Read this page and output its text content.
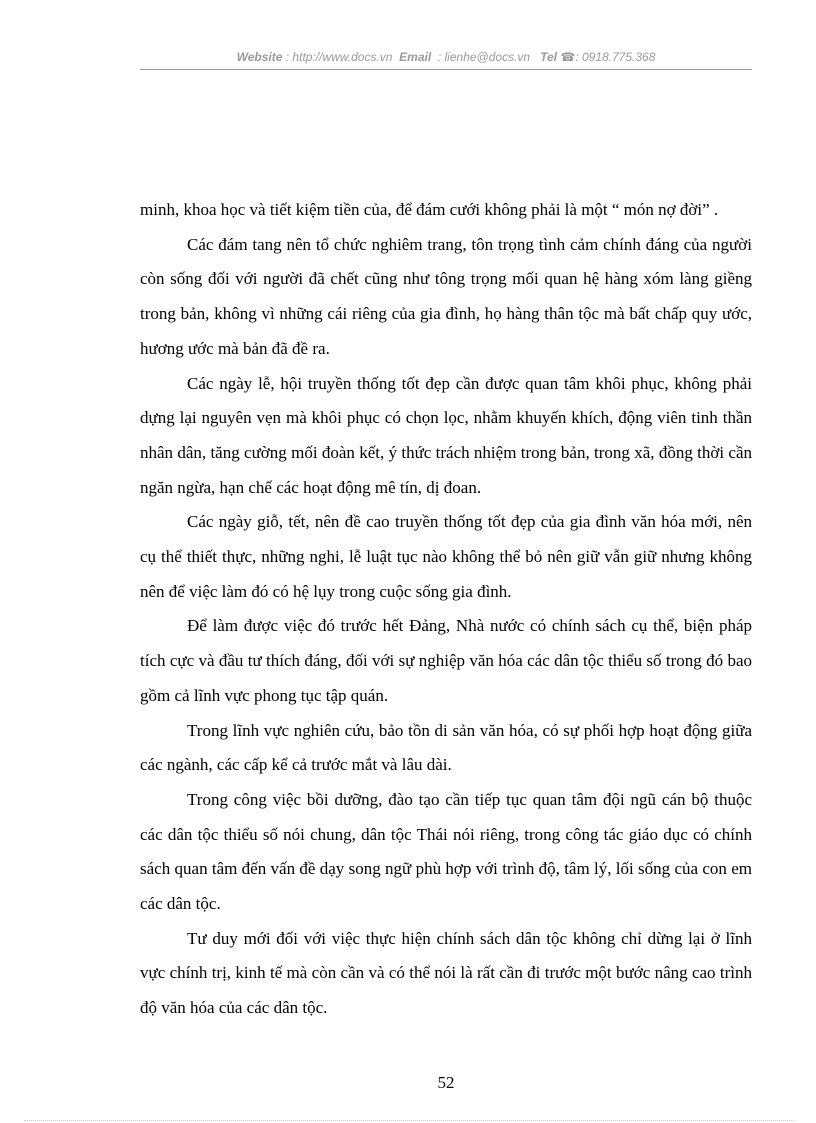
Website : http://www.docs.vn Email : lienhe@docs.vn Tel ☎: 0918.775.368

minh, khoa học và tiết kiệm tiền của, để đám cưới không phải là một “ món nợ đời” .

Các đám tang nên tổ chức nghiêm trang, tôn trọng tình cảm chính đáng của người còn sống đối với người đã chết cũng như tông trọng mối quan hệ hàng xóm làng giềng trong bản, không vì những cái riêng của gia đình, họ hàng thân tộc mà bất chấp quy ước, hương ước mà bản đã đề ra.

Các ngày lễ, hội truyền thống tốt đẹp cần được quan tâm khôi phục, không phải dựng lại nguyên vẹn mà khôi phục có chọn lọc, nhằm khuyến khích, động viên tinh thần nhân dân, tăng cường mối đoàn kết, ý thức trách nhiệm trong bản, trong xã, đồng thời cần ngăn ngừa, hạn chế các hoạt động mê tín, dị đoan.

Các ngày giỗ, tết, nên đề cao truyền thống tốt đẹp của gia đình văn hóa mới, nên cụ thể thiết thực, những nghi, lễ luật tục nào không thể bỏ nên giữ vẫn giữ nhưng không nên để việc làm đó có hệ lụy trong cuộc sống gia đình.

Để làm được việc đó trước hết Đảng, Nhà nước có chính sách cụ thể, biện pháp tích cực và đầu tư thích đáng, đối với sự nghiệp văn hóa các dân tộc thiểu số trong đó bao gồm cả lĩnh vực phong tục tập quán.

Trong lĩnh vực nghiên cứu, bảo tồn di sản văn hóa, có sự phối hợp hoạt động giữa các ngành, các cấp kể cả trước mắt và lâu dài.

Trong công việc bồi dưỡng, đào tạo cần tiếp tục quan tâm đội ngũ cán bộ thuộc các dân tộc thiểu số nói chung, dân tộc Thái nói riêng, trong công tác giáo dục có chính sách quan tâm đến vấn đề dạy song ngữ phù hợp với trình độ, tâm lý, lối sống của con em các dân tộc.

Tư duy mới đối với việc thực hiện chính sách dân tộc không chỉ dừng lại ở lĩnh vực chính trị, kinh tế mà còn cần và có thể nói là rất cần đi trước một bước nâng cao trình độ văn hóa của các dân tộc.

52
